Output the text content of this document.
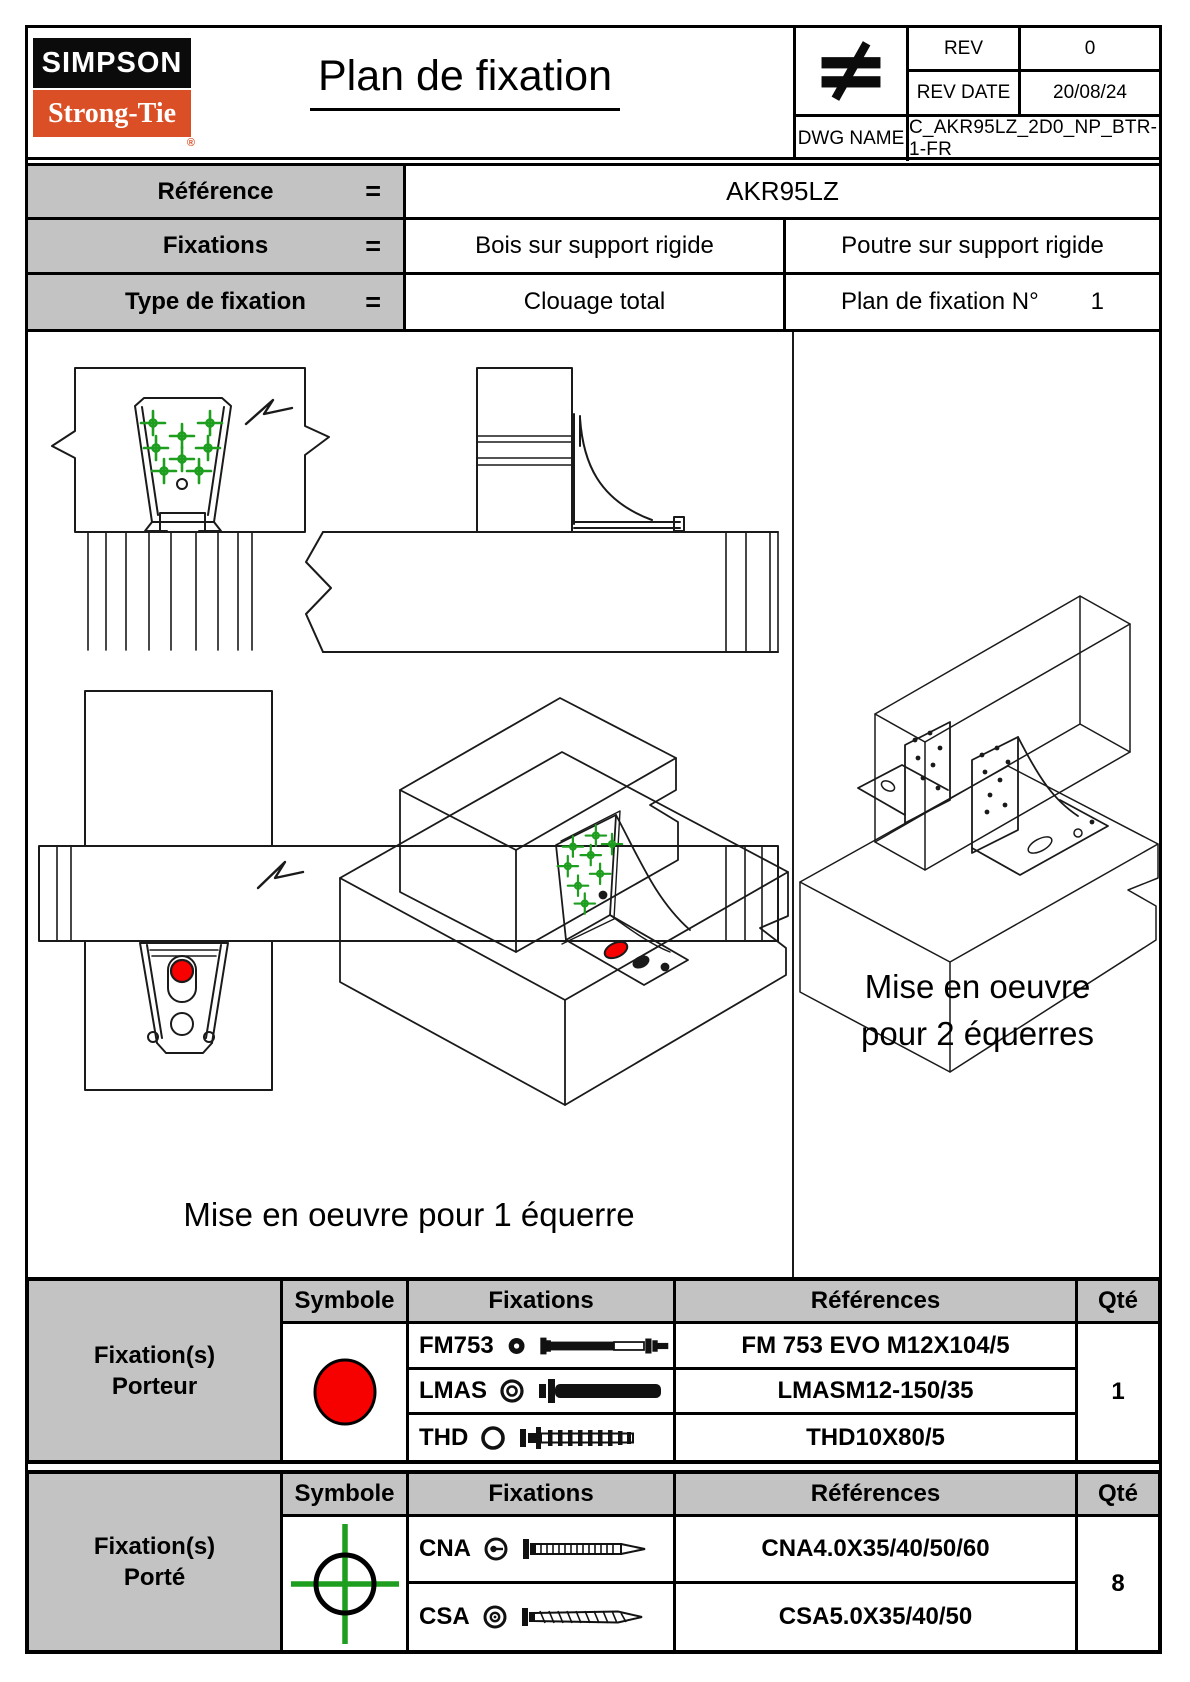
SIMPSON
Strong-Tie
®
Plan de fixation
REV	0
REV DATE	20/08/24
DWG NAME
C_AKR95LZ_2D0_NP_BTR-1-FR
Référence	=	AKR95LZ
Fixations	=	Bois sur support rigide	Poutre sur support rigide
Type de fixation =	Clouage total	Plan de fixation N° 1
Mise en oeuvre pour 1 équerre
Mise en oeuvre
pour 2 équerres
Fixation(s)
Porteur
Symbole	Fixations	Références	Qté
FM753	FM 753 EVO M12X104/5
LMAS	LMASM12-150/35
THD	THD10X80/5
1
Fixation(s)
Porté
Symbole	Fixations	Références	Qté
CNA	CNA4.0X35/40/50/60
CSA	CSA5.0X35/40/50
8
